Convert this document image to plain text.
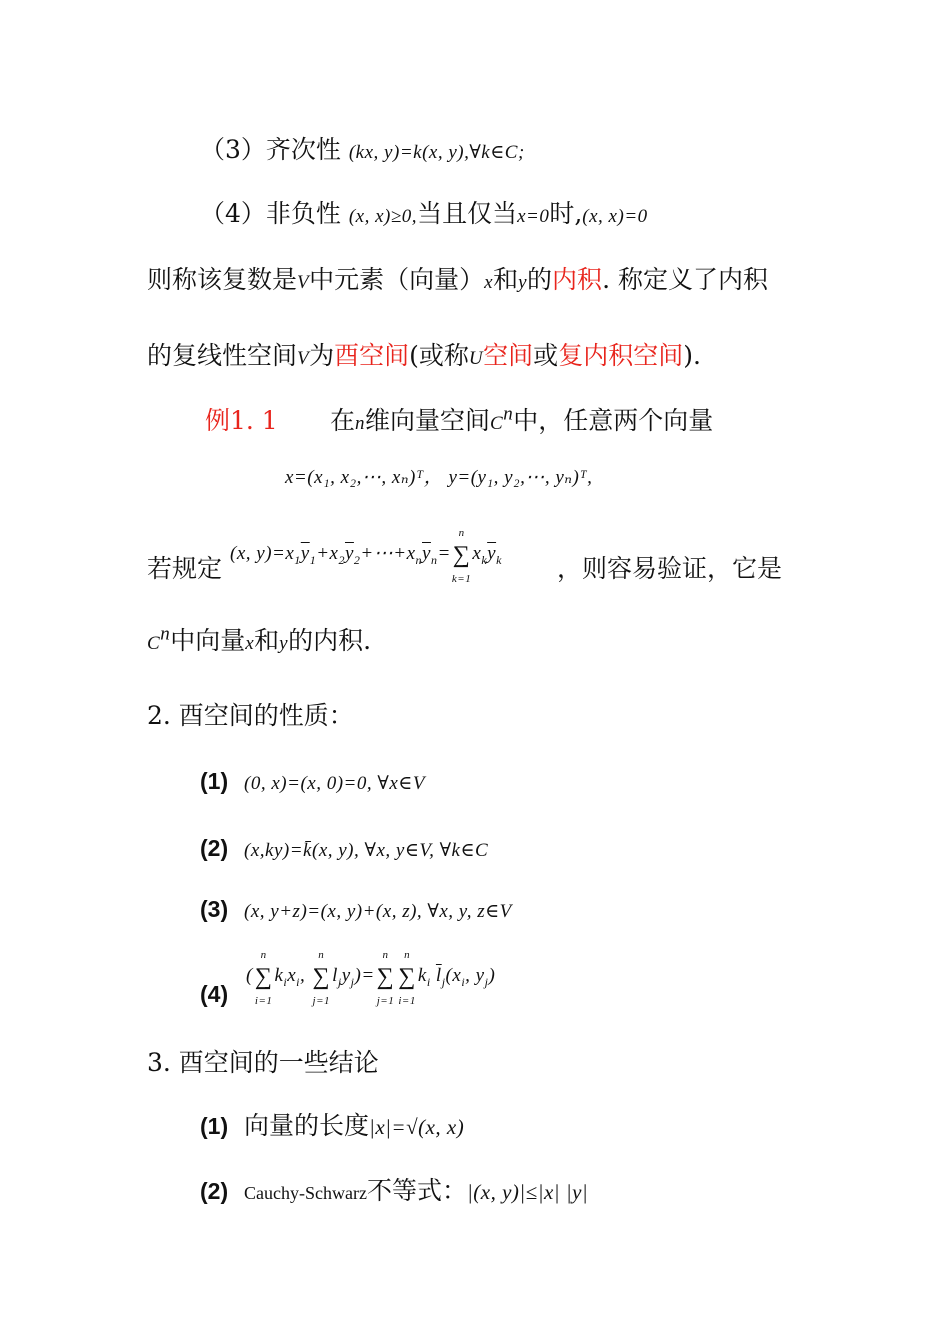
（3）齐次性 (kx, y)=k(x, y),∀k∈C;
（4）非负性 (x, x)≥0,当且仅当x=0时,(x, x)=0
则称该复数是V中元素（向量）x和y的内积. 称定义了内积
的复线性空间V为酉空间(或称U空间或复内积空间).
例1. 1 在n维向量空间$C^n$中，任意两个向量
x=(x₁, x₂,⋯, xₙ)ᵀ， y=(y₁, y₂,⋯, yₙ)ᵀ,
若规定
(x, $y)=x_1\overline{y}_1+x_2\overline{y}_2+\cdots+x_n\overline{y}_n=$
n
∑
k=1
$x_k\overline{y}_k$ ，则容易验证，它是
$C^n$中向量x和y的内积.
2. 酉空间的性质：
(1) (0, x)=(x, 0)=0, ∀x∈V
(2) (x,ky)=k̄(x, y), ∀x, y∈V, ∀k∈C
(3) (x, y+z)=(x, y)+(x, z), ∀x, y, z∈V
(4)
(
n
∑
i=1
$k_ix_i$,
n
∑
j=1
$l_jy_j)=$
n
∑
j=1
n
∑
i=1
$k_i$ $\overline{l}_j(x_i$, $y_j$)
3. 酉空间的一些结论
(1) 向量的长度|x|=√(x, x)
(2) Cauchy-Schwarz不等式：|(x, y)|≤|x| |y|
